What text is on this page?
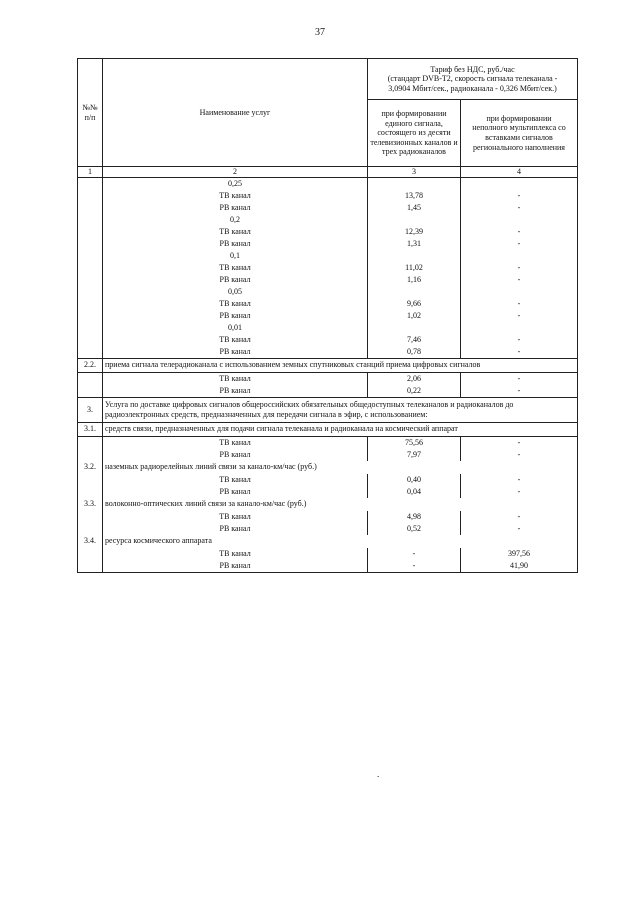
37
№№
п/п	Наименование услуг	Тариф без НДС, руб./час
(стандарт DVB-T2, скорость сигнала телеканала -
3,0904 Мбит/сек., радиоканала - 0,326 Мбит/сек.)	
		при формировании
единого сигнала,
состоящего из десяти
телевизионных каналов и
трех радиоканалов	при формировании
неполного мультиплекса со
вставками сигналов
регионального наполнения
1	2	3	4
	0,25		
	ТВ канал	13,78	-
	РВ канал	1,45	-
	0,2		
	ТВ канал	12,39	-
	РВ канал	1,31	-
	0,1		
	ТВ канал	11,02	-
	РВ канал	1,16	-
	0,05		
	ТВ канал	9,66	-
	РВ канал	1,02	-
	0,01		
	ТВ канал	7,46	-
	РВ канал	0,78	-
2.2.	приема сигнала телерадиоканала с использованием земных спутниковых станций приема цифровых сигналов		
	ТВ канал	2,06	-
	РВ канал	0,22	-
3.	Услуга по доставке цифровых сигналов общероссийских обязательных общедоступных телеканалов и радиоканалов до радиоэлектронных средств, предназначенных для передачи сигнала в эфир, с использованием:		
3.1.	средств связи, предназначенных для подачи сигнала телеканала и радиоканала на космический аппарат		
	ТВ канал	75,56	-
	РВ канал	7,97	-
3.2.	наземных радиорелейных линий связи за канало-км/час (руб.)		
	ТВ канал	0,40	-
	РВ канал	0,04	-
3.3.	волоконно-оптических линий связи за канало-км/час (руб.)		
	ТВ канал	4,98	-
	РВ канал	0,52	-
3.4.	ресурса космического аппарата		
	ТВ канал	-	397,56
	РВ канал	-	41,90
.
